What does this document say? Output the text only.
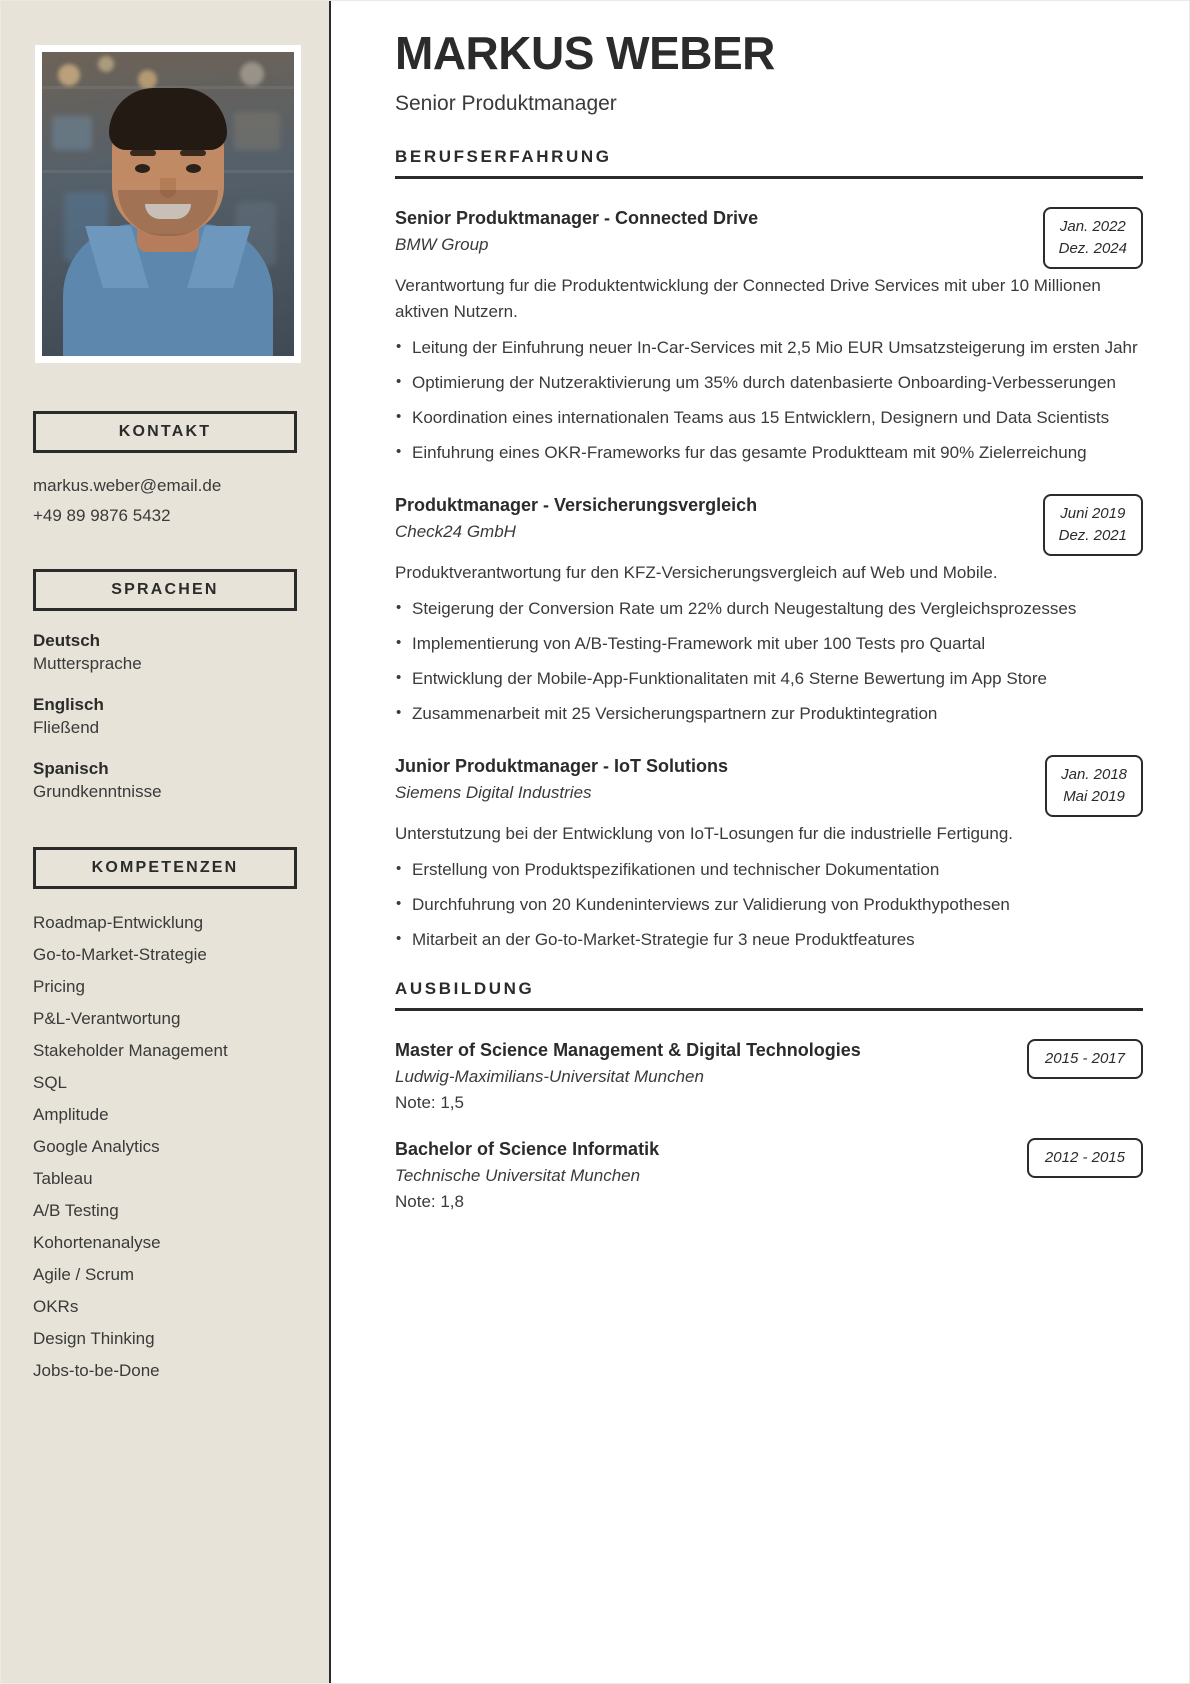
KONTAKT
markus.weber@email.de
+49 89 9876 5432
SPRACHEN
Deutsch
Muttersprache
Englisch
Fließend
Spanisch
Grundkenntnisse
KOMPETENZEN
Roadmap-Entwicklung
Go-to-Market-Strategie
Pricing
P&L-Verantwortung
Stakeholder Management
SQL
Amplitude
Google Analytics
Tableau
A/B Testing
Kohortenanalyse
Agile / Scrum
OKRs
Design Thinking
Jobs-to-be-Done
MARKUS WEBER
Senior Produktmanager
BERUFSERFAHRUNG
Senior Produktmanager - Connected Drive
BMW Group
Jan. 2022
Dez. 2024
Verantwortung fur die Produktentwicklung der Connected Drive Services mit uber 10 Millionen aktiven Nutzern.
• Leitung der Einfuhrung neuer In-Car-Services mit 2,5 Mio EUR Umsatzsteigerung im ersten Jahr
• Optimierung der Nutzeraktivierung um 35% durch datenbasierte Onboarding-Verbesserungen
• Koordination eines internationalen Teams aus 15 Entwicklern, Designern und Data Scientists
• Einfuhrung eines OKR-Frameworks fur das gesamte Produktteam mit 90% Zielerreichung
Produktmanager - Versicherungsvergleich
Check24 GmbH
Juni 2019
Dez. 2021
Produktverantwortung fur den KFZ-Versicherungsvergleich auf Web und Mobile.
• Steigerung der Conversion Rate um 22% durch Neugestaltung des Vergleichsprozesses
• Implementierung von A/B-Testing-Framework mit uber 100 Tests pro Quartal
• Entwicklung der Mobile-App-Funktionalitaten mit 4,6 Sterne Bewertung im App Store
• Zusammenarbeit mit 25 Versicherungspartnern zur Produktintegration
Junior Produktmanager - IoT Solutions
Siemens Digital Industries
Jan. 2018
Mai 2019
Unterstutzung bei der Entwicklung von IoT-Losungen fur die industrielle Fertigung.
• Erstellung von Produktspezifikationen und technischer Dokumentation
• Durchfuhrung von 20 Kundeninterviews zur Validierung von Produkthypothesen
• Mitarbeit an der Go-to-Market-Strategie fur 3 neue Produktfeatures
AUSBILDUNG
Master of Science Management & Digital Technologies
Ludwig-Maximilians-Universitat Munchen
Note: 1,5
2015 - 2017
Bachelor of Science Informatik
Technische Universitat Munchen
Note: 1,8
2012 - 2015
